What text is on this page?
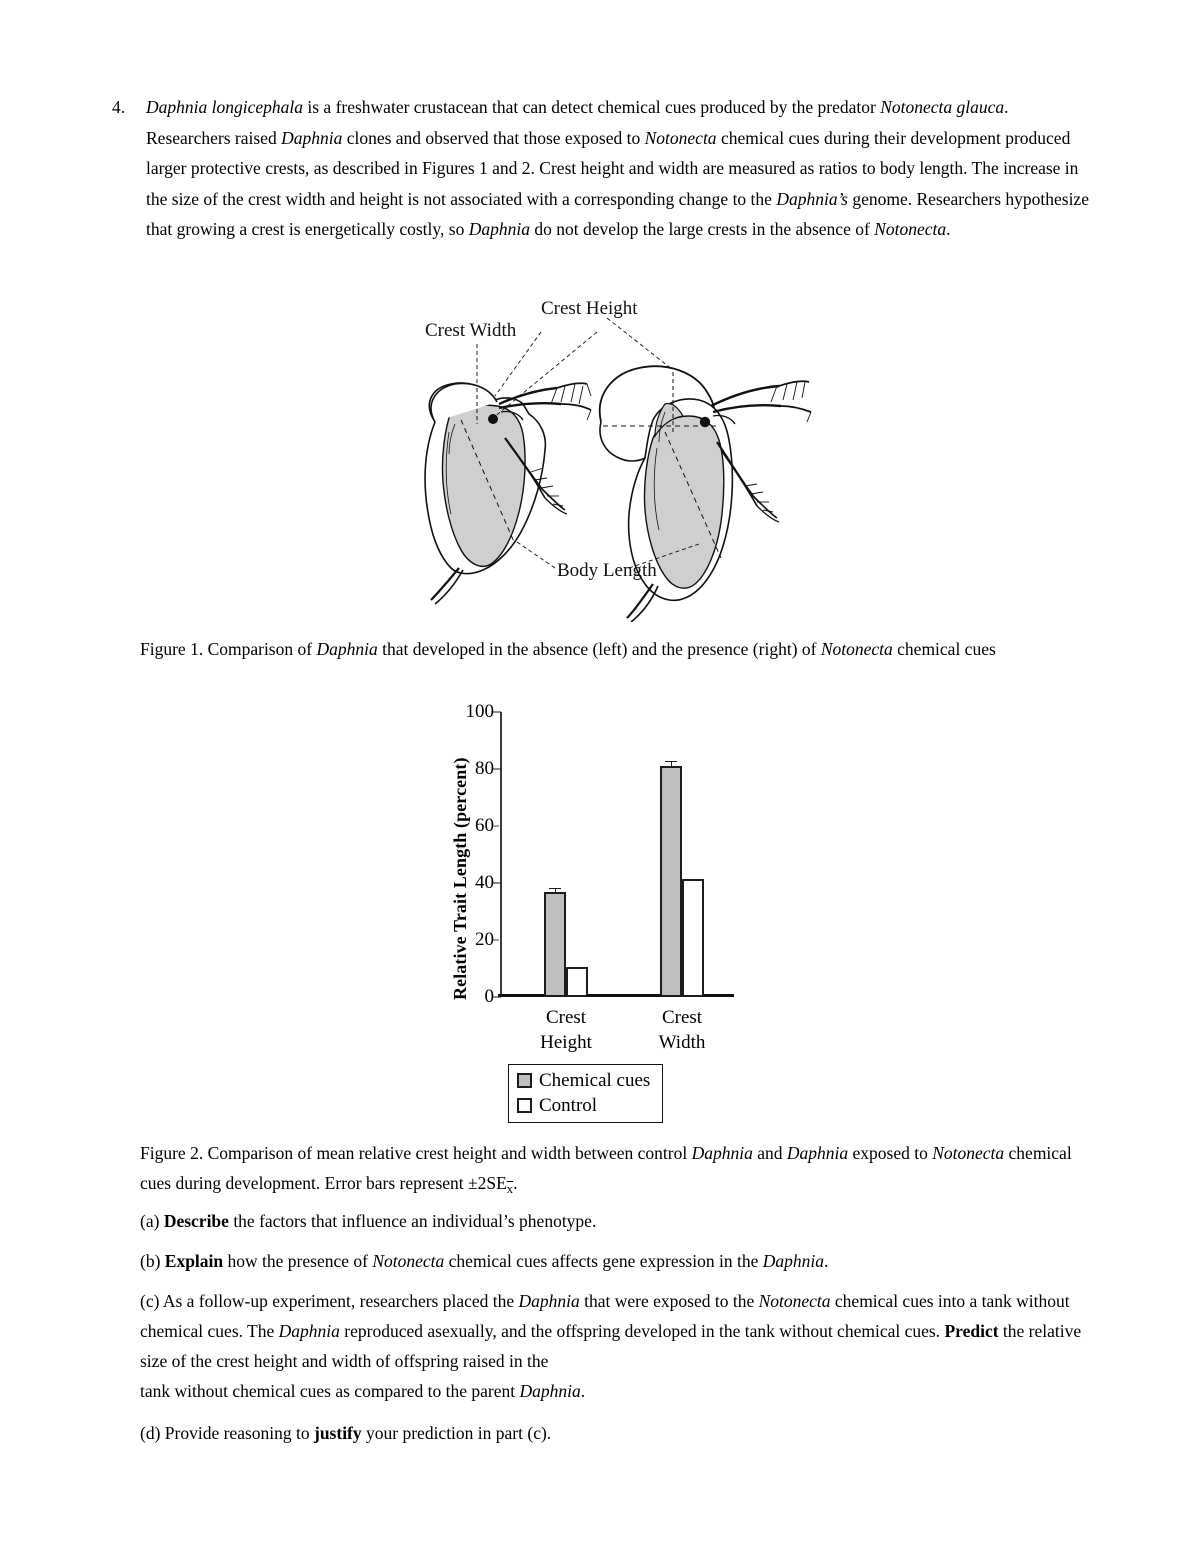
4.	Daphnia longicephala is a freshwater crustacean that can detect chemical cues produced by the predator Notonecta glauca. Researchers raised Daphnia clones and observed that those exposed to Notonecta chemical cues during their development produced larger protective crests, as described in Figures 1 and 2. Crest height and width are measured as ratios to body length. The increase in the size of the crest width and height is not associated with a corresponding change to the Daphnia’s genome. Researchers hypothesize that growing a crest is energetically costly, so Daphnia do not develop the large crests in the absence of Notonecta.
Crest Width
Crest Height
Body Length
Figure 1. Comparison of Daphnia that developed in the absence (left) and the presence (right) of Notonecta chemical cues
Relative Trait Length (percent) 0
20
40
60
80
100
Crest
Height
Crest
Width
Chemical cues
Control
Figure 2. Comparison of mean relative crest height and width between control Daphnia and Daphnia exposed to Notonecta chemical cues during development. Error bars represent $\pm 2SE_{\overline{x}}$.
(a) Describe the factors that influence an individual’s phenotype.
(b) Explain how the presence of Notonecta chemical cues affects gene expression in the Daphnia.
(c) As a follow-up experiment, researchers placed the Daphnia that were exposed to the Notonecta chemical cues into a tank without chemical cues. The Daphnia reproduced asexually, and the offspring developed in the tank without chemical cues. Predict the relative size of the crest height and width of offspring raised in the
tank without chemical cues as compared to the parent Daphnia.
(d) Provide reasoning to justify your prediction in part (c).
